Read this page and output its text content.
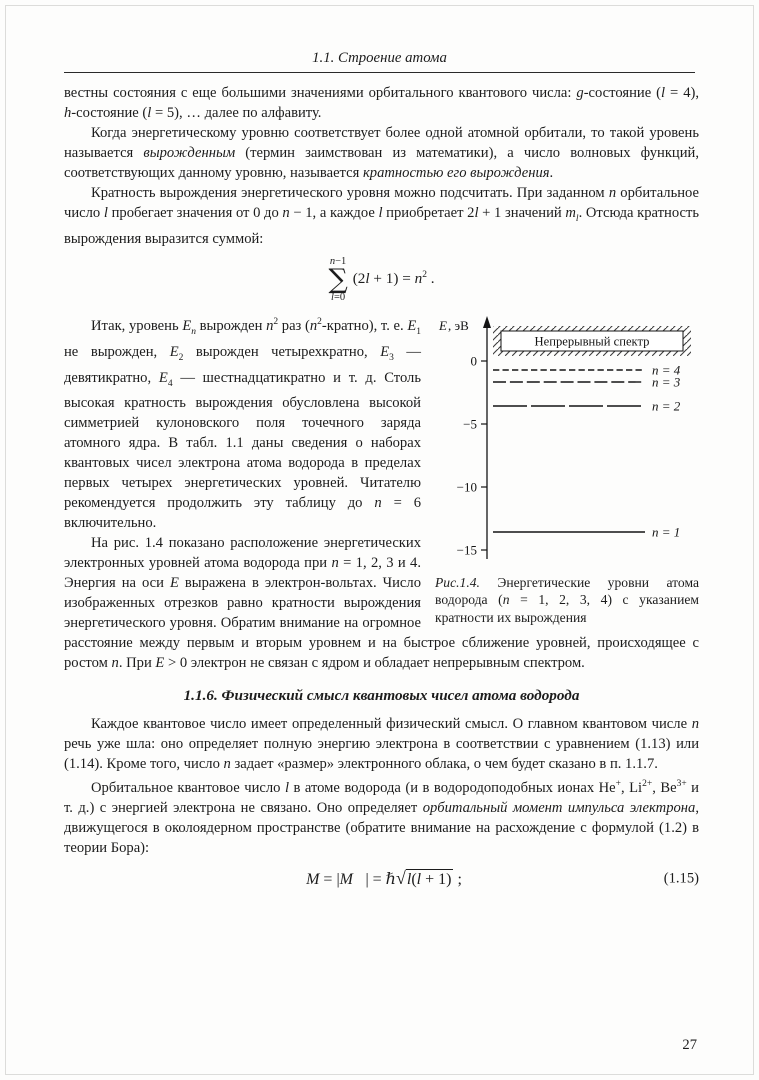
1.1. Строение атома

вестны состояния с еще большими значениями орбитального квантового числа: g-состояние (l = 4), h-состояние (l = 5), … далее по алфавиту.

Когда энергетическому уровню соответствует более одной атомной орбитали, то такой уровень называется вырожденным (термин заимствован из математики), а число волновых функций, соответствующих данному уровню, называется кратностью его вырождения.

Кратность вырождения энергетического уровня можно подсчитать. При заданном n орбитальное число l пробегает значения от 0 до n − 1, а каждое l приобретает 2l + 1 значений $m_l$. Отсюда кратность вырождения выразится суммой:

n−1
∑
l=0
$(2l + 1) = n^2$ .
E , эВ
Непрерывный спектр
0
−5
−10
−15
n = 4
n = 3
n = 2
n = 1
Рис.1.4. Энергетические уровни атома водорода (n = 1, 2, 3, 4) с указанием кратности их вырождения

Итак, уровень $E_n$ вырожден $n^2$ раз $(n^2-кратно)$, т. е. $E_1$ не вырожден, $E_2$ вырожден четырехкратно, $E_3$ — девятикратно, $E_4$ — шестнадцатикратно и т. д. Столь высокая кратность вырождения обусловлена высокой симметрией кулоновского поля точечного заряда атомного ядра. В табл. 1.1 даны сведения о наборах квантовых чисел электрона атома водорода в пределах первых четырех энергетических уровней. Читателю рекомендуется продолжить эту таблицу до n = 6 включительно.

На рис. 1.4 показано расположение энергетических электронных уровней атома водорода при n = 1, 2, 3 и 4. Энергия на оси E выражена в электрон-вольтах. Число изображенных отрезков равно кратности вырождения энергетического уровня. Обратим внимание на огромное расстояние между первым и вторым уровнем и на быстрое сближение уровней, происходящее с ростом n. При E > 0 электрон не связан с ядром и обладает непрерывным спектром.

1.1.6. Физический смысл квантовых чисел атома водорода

Каждое квантовое число имеет определенный физический смысл. О главном квантовом числе n речь уже шла: оно определяет полную энергию электрона в соответствии с уравнением (1.13) или (1.14). Кроме того, число n задает «размер» электронного облака, о чем будет сказано в п. 1.1.7.

Орбитальное квантовое число l в атоме водорода (и в водородоподобных ионах He+, $Li^{2+}$, $Be^{3+}$ и т. д.) с энергией электрона не связано. Оно определяет орбитальный момент импульса электрона, движущегося в околоядерном пространстве (обратите внимание на расхождение с формулой (1.2) в теории Бора):

M = |M⃗| = ℏ√l(l + 1) ;	(1.15)
27
